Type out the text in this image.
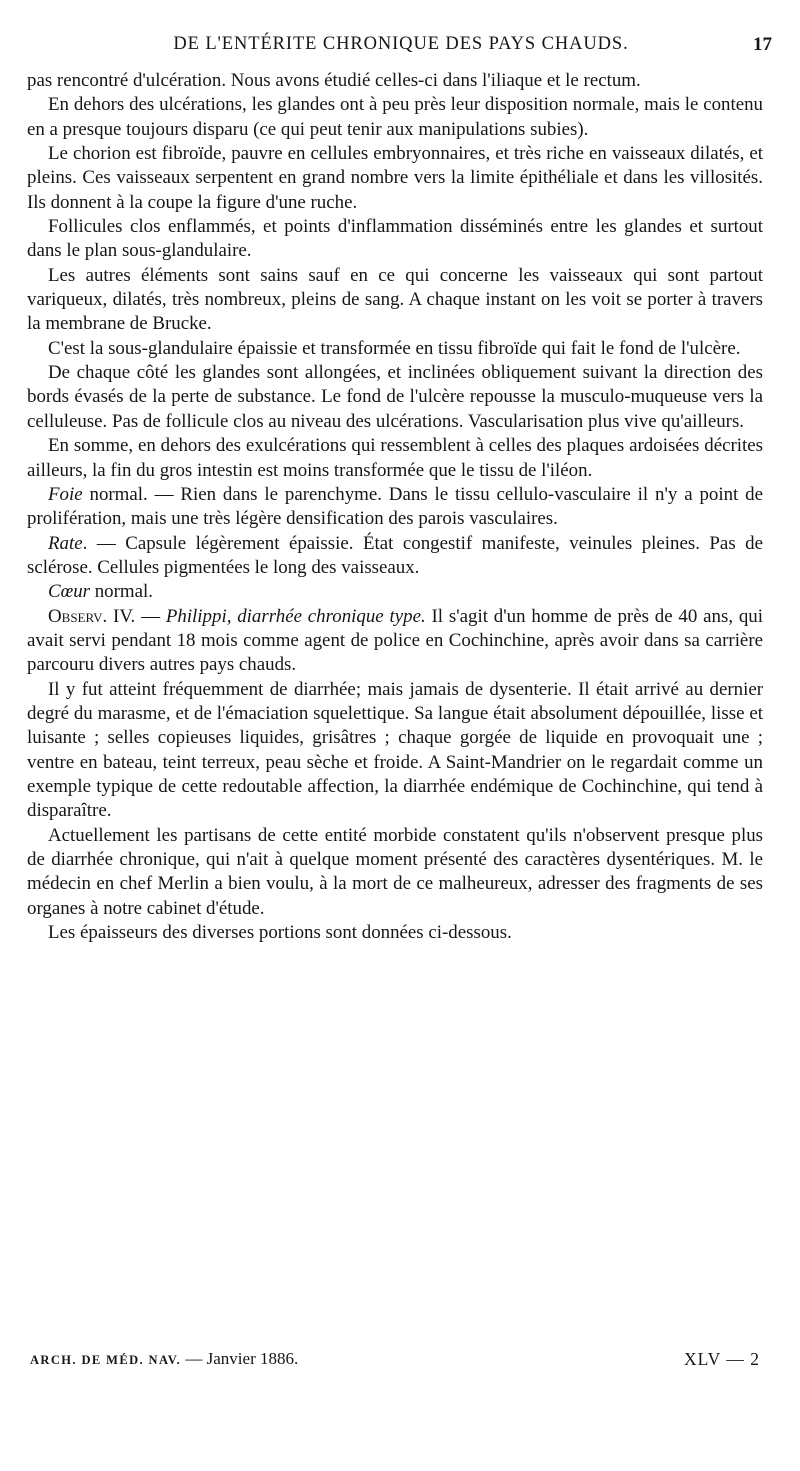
DE L'ENTÉRITE CHRONIQUE DES PAYS CHAUDS.	17

pas rencontré d'ulcération. Nous avons étudié celles-ci dans l'iliaque et le rectum.

En dehors des ulcérations, les glandes ont à peu près leur disposition normale, mais le contenu en a presque toujours disparu (ce qui peut tenir aux manipulations subies).

Le chorion est fibroïde, pauvre en cellules embryonnaires, et très riche en vaisseaux dilatés, et pleins. Ces vaisseaux serpentent en grand nombre vers la limite épithéliale et dans les villosités. Ils donnent à la coupe la figure d'une ruche.

Follicules clos enflammés, et points d'inflammation disséminés entre les glandes et surtout dans le plan sous-glandulaire.

Les autres éléments sont sains sauf en ce qui concerne les vaisseaux qui sont partout variqueux, dilatés, très nombreux, pleins de sang. A chaque instant on les voit se porter à travers la membrane de Brucke.

C'est la sous-glandulaire épaissie et transformée en tissu fibroïde qui fait le fond de l'ulcère.

De chaque côté les glandes sont allongées, et inclinées obliquement suivant la direction des bords évasés de la perte de substance. Le fond de l'ulcère repousse la musculo-muqueuse vers la celluleuse. Pas de follicule clos au niveau des ulcérations. Vascularisation plus vive qu'ailleurs.

En somme, en dehors des exulcérations qui ressemblent à celles des plaques ardoisées décrites ailleurs, la fin du gros intestin est moins transformée que le tissu de l'iléon.

Foie normal. — Rien dans le parenchyme. Dans le tissu cellulo-vasculaire il n'y a point de prolifération, mais une très légère densification des parois vasculaires.

Rate. — Capsule légèrement épaissie. État congestif manifeste, veinules pleines. Pas de sclérose. Cellules pigmentées le long des vaisseaux.

Cœur normal.

Observ. IV. — Philippi, diarrhée chronique type. Il s'agit d'un homme de près de 40 ans, qui avait servi pendant 18 mois comme agent de police en Cochinchine, après avoir dans sa carrière parcouru divers autres pays chauds.

Il y fut atteint fréquemment de diarrhée; mais jamais de dysenterie. Il était arrivé au dernier degré du marasme, et de l'émaciation squelettique. Sa langue était absolument dépouillée, lisse et luisante ; selles copieuses liquides, grisâtres ; chaque gorgée de liquide en provoquait une ; ventre en bateau, teint terreux, peau sèche et froide. A Saint-Mandrier on le regardait comme un exemple typique de cette redoutable affection, la diarrhée endémique de Cochinchine, qui tend à disparaître.

Actuellement les partisans de cette entité morbide constatent qu'ils n'observent presque plus de diarrhée chronique, qui n'ait à quelque moment présenté des caractères dysentériques. M. le médecin en chef Merlin a bien voulu, à la mort de ce malheureux, adresser des fragments de ses organes à notre cabinet d'étude.

Les épaisseurs des diverses portions sont données ci-dessous.

ARCH. DE MÉD. NAV. — Janvier 1886.	XLV — 2
